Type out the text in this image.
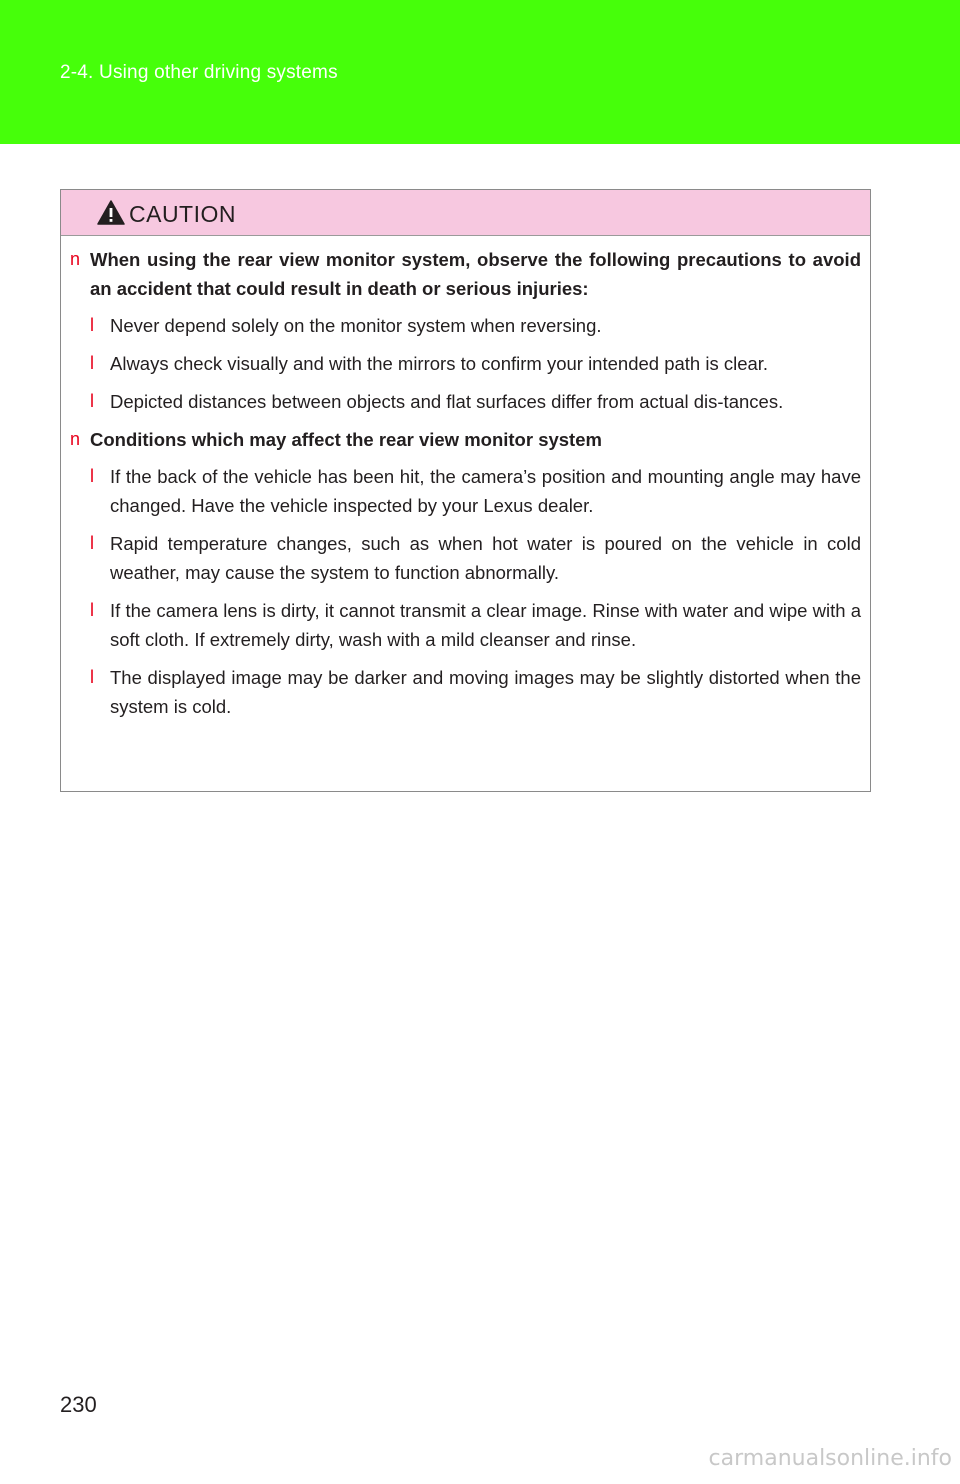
2-4. Using other driving systems
CAUTION
n When using the rear view monitor system, observe the following precautions to avoid an accident that could result in death or serious injuries:
l Never depend solely on the monitor system when reversing.
l Always check visually and with the mirrors to confirm your intended path is clear.
l Depicted distances between objects and flat surfaces differ from actual dis-tances.
n Conditions which may affect the rear view monitor system
l If the back of the vehicle has been hit, the camera’s position and mounting angle may have changed. Have the vehicle inspected by your Lexus dealer.
l Rapid temperature changes, such as when hot water is poured on the vehicle in cold weather, may cause the system to function abnormally.
l If the camera lens is dirty, it cannot transmit a clear image. Rinse with water and wipe with a soft cloth. If extremely dirty, wash with a mild cleanser and rinse.
l The displayed image may be darker and moving images may be slightly distorted when the system is cold.
230
carmanualsonline.info
